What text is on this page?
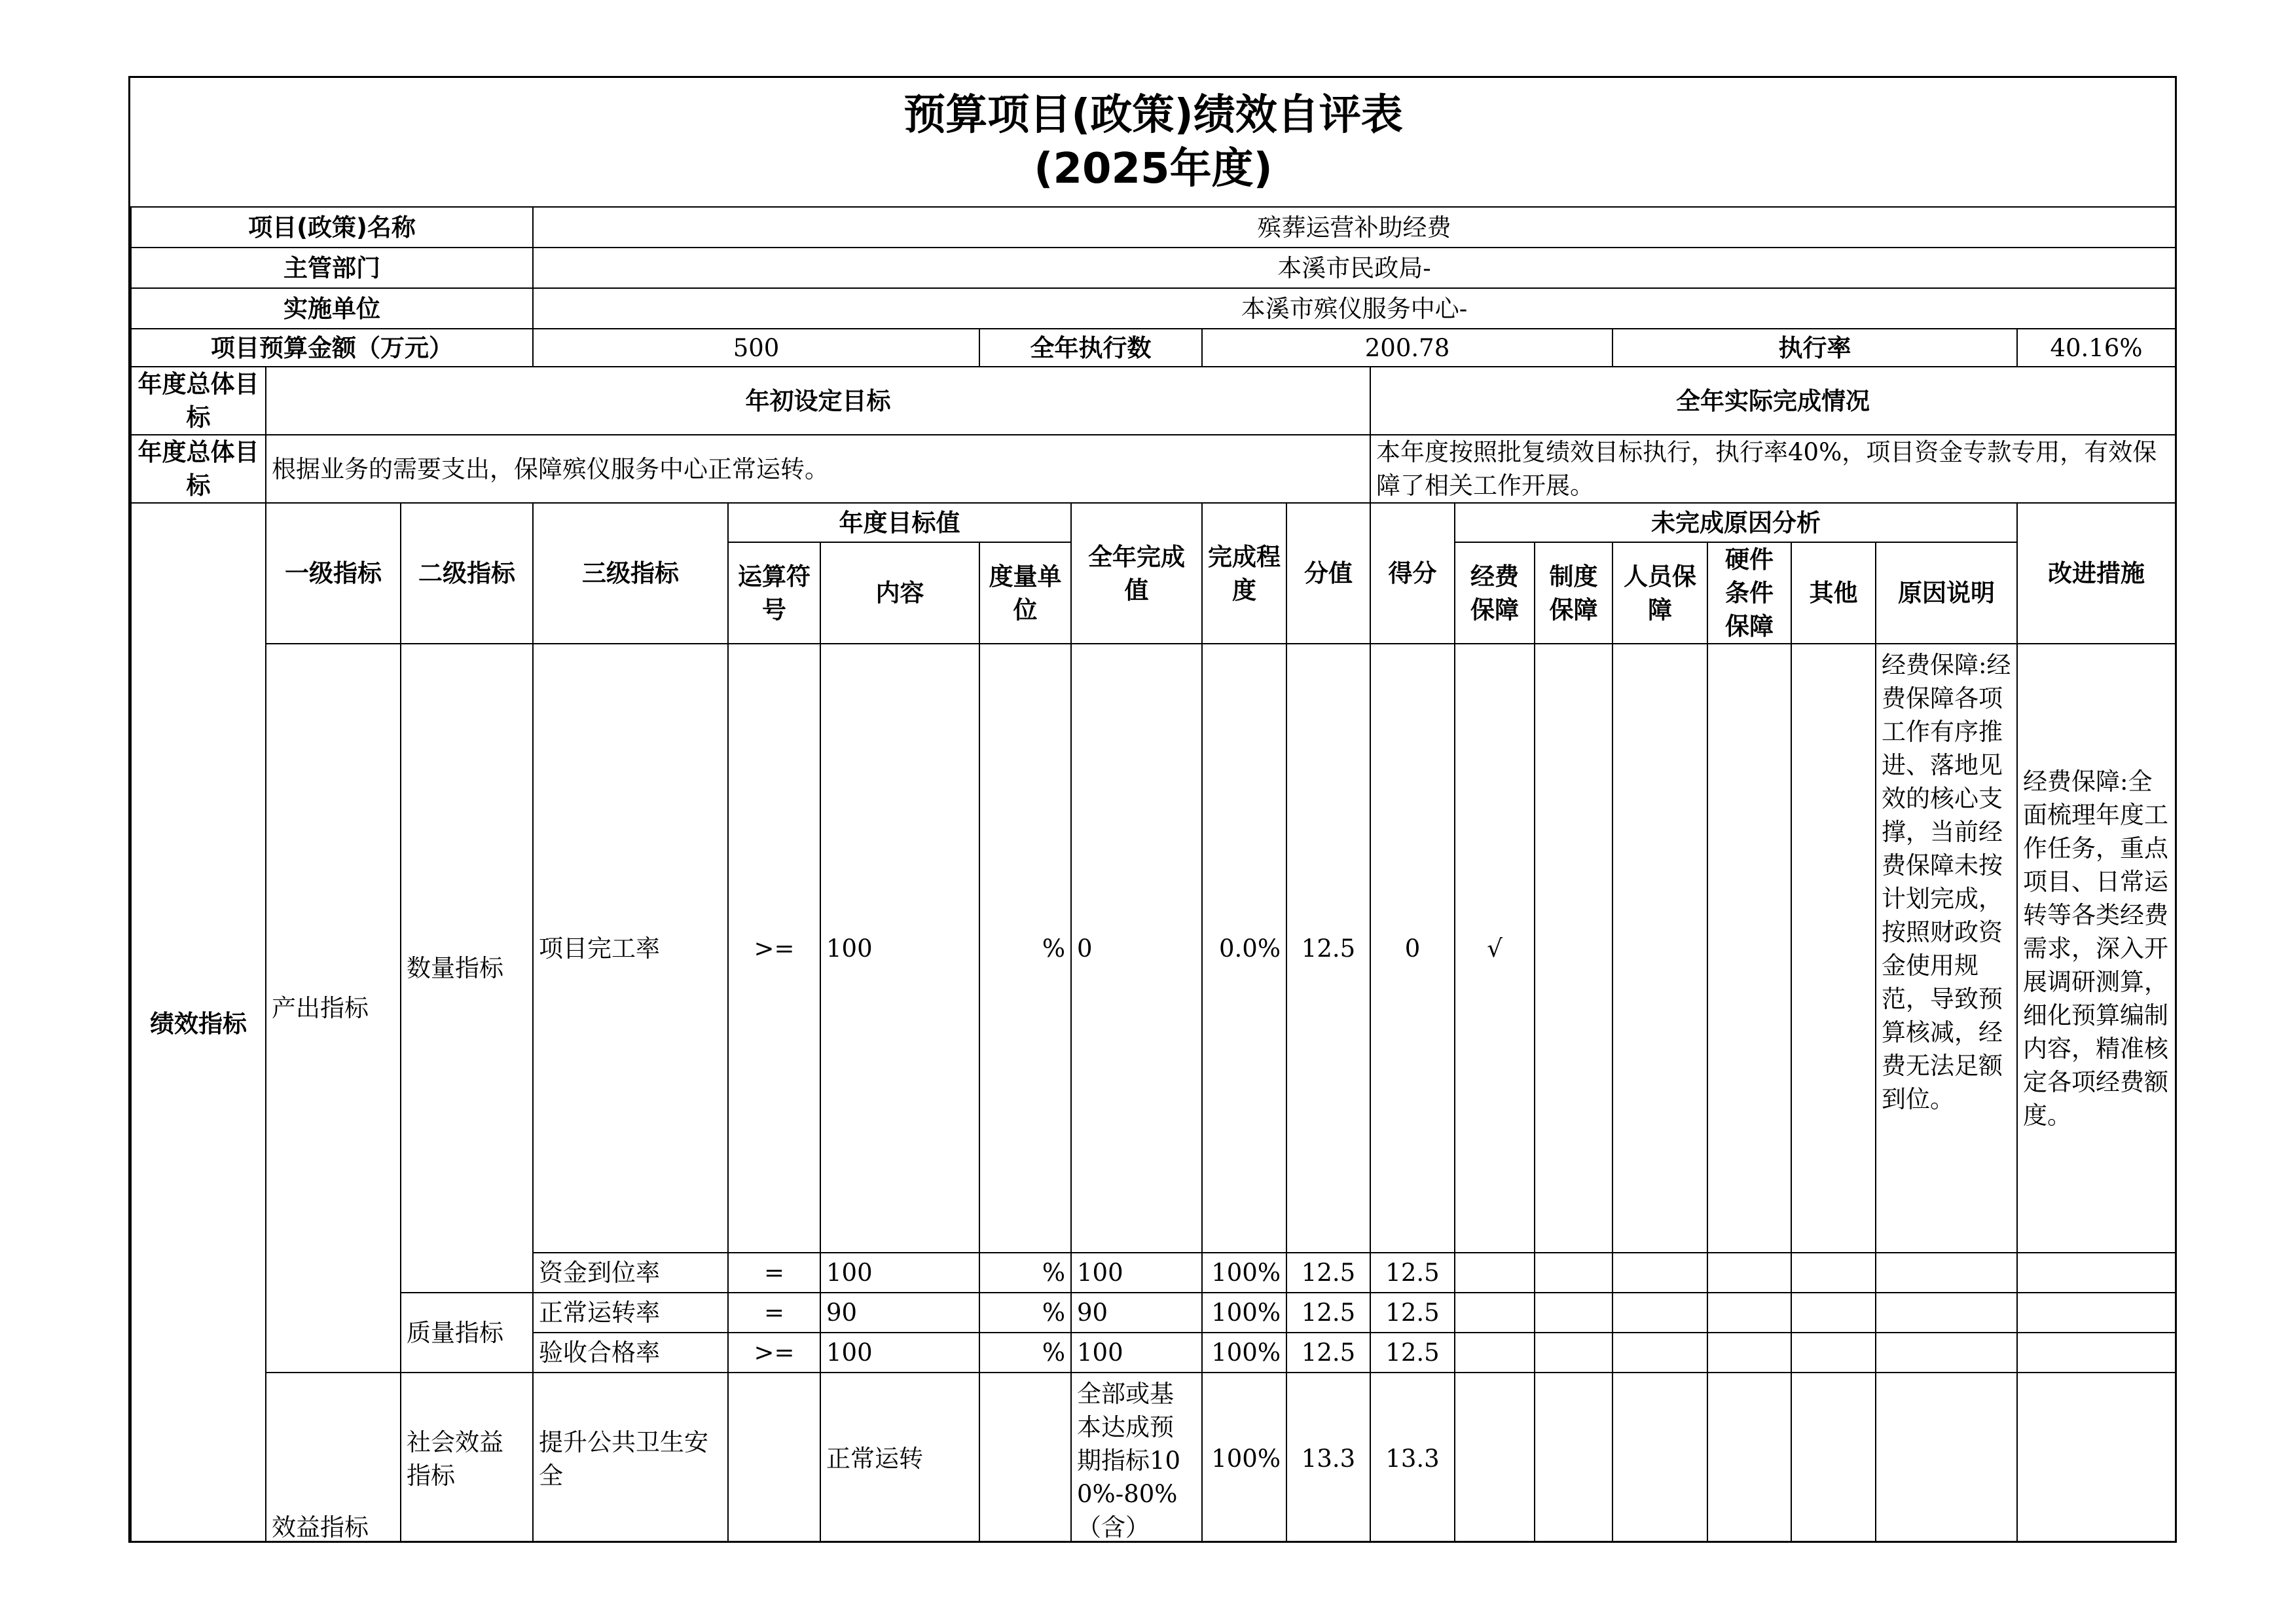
预算项目(政策)绩效自评表
(2025年度)																	

项目(政策)名称			殡葬运营补助经费														
主管部门			本溪市民政局-														
实施单位			本溪市殡仪服务中心-														
项目预算金额（万元）			500			全年执行数		200.78					执行率				40.16%
年度总体目标	年初设定目标									全年实际完成情况							
年度总体目标	根据业务的需要支出，保障殡仪服务中心正常运转。									本年度按照批复绩效目标执行，执行率40%，项目资金专款专用，有效保障了相关工作开展。							
绩效指标	一级指标	二级指标	三级指标	年度目标值			全年完成值	完成程度	分值	得分	未完成原因分析						改进措施
				运算符号	内容	度量单位					经费保障	制度保障	人员保障	硬件条件保障	其他	原因说明	
	产出指标	数量指标	项目完工率	>=	100	%	0	0.0%	12.5	0	√					经费保障:经费保障各项工作有序推进、落地见效的核心支撑，当前经费保障未按计划完成，按照财政资金使用规范，导致预算核减，经费无法足额到位。	经费保障:全面梳理年度工作任务，重点项目、日常运转等各类经费需求，深入开展调研测算，细化预算编制内容，精准核定各项经费额度。
			资金到位率	=	100	%	100	100%	12.5	12.5							
		质量指标	正常运转率	=	90	%	90	100%	12.5	12.5							
			验收合格率	>=	100	%	100	100%	12.5	12.5							
	效益指标	社会效益指标	提升公共卫生安全		正常运转		全部或基本达成预期指标100%-80%（含）	100%	13.3	13.3							
